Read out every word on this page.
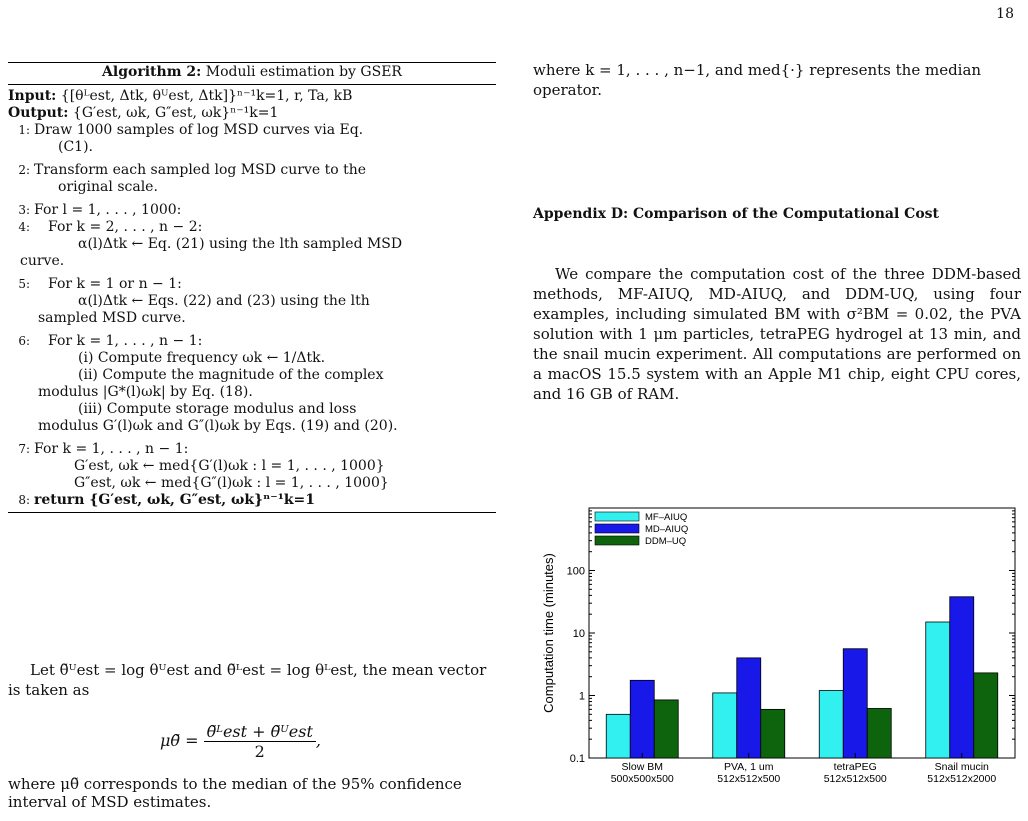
18
Algorithm 2: Moduli estimation by GSER
Input: {[θᴸest, Δtk, θᵁest, Δtk]}ⁿ⁻¹k=1, r, Ta, kB
Output: {G′est, ωk, G″est, ωk}ⁿ⁻¹k=1
1: Draw 1000 samples of log MSD curves via Eq.
(C1).
2: Transform each sampled log MSD curve to the
original scale.
3: For l = 1, . . . , 1000:
4: For k = 2, . . . , n − 2:
α(l)Δtk ← Eq. (21) using the lth sampled MSD
curve.
5: For k = 1 or n − 1:
α(l)Δtk ← Eqs. (22) and (23) using the lth
sampled MSD curve.
6: For k = 1, . . . , n − 1:
(i) Compute frequency ωk ← 1/Δtk.
(ii) Compute the magnitude of the complex
modulus |G*(l)ωk| by Eq. (18).
(iii) Compute storage modulus and loss
modulus G′(l)ωk and G″(l)ωk by Eqs. (19) and (20).
7: For k = 1, . . . , n − 1:
G′est, ωk ← med{G′(l)ωk : l = 1, . . . , 1000}
G″est, ωk ← med{G″(l)ωk : l = 1, . . . , 1000}
8: return {G′est, ωk, G″est, ωk}ⁿ⁻¹k=1
Let θ̃ᵁest = log θᵁest and θ̃ᴸest = log θᴸest, the mean vector is taken as
μθ̃ = $\frac{\text{θ̃ᴸest + θ̃ᵁest}}{2}$ ,
where μθ̃ corresponds to the median of the 95% confidence interval of MSD estimates.
where k = 1, . . . , n−1, and med{·} represents the median operator.
Appendix D: Comparison of the Computational Cost
We compare the computation cost of the three DDM-based methods, MF-AIUQ, MD-AIUQ, and DDM-UQ, using four examples, including simulated BM with σ²BM = 0.02, the PVA solution with 1 μm particles, tetraPEG hydrogel at 13 min, and the snail mucin experiment. All computations are performed on a macOS 15.5 system with an Apple M1 chip, eight CPU cores, and 16 GB of RAM.
0.1
1
10
100
Computation time (minutes)
Slow BM
500x500x500
PVA, 1 um
512x512x500
tetraPEG
512x512x500
Snail mucin
512x512x2000
MF–AIUQ
MD–AIUQ
DDM–UQ
